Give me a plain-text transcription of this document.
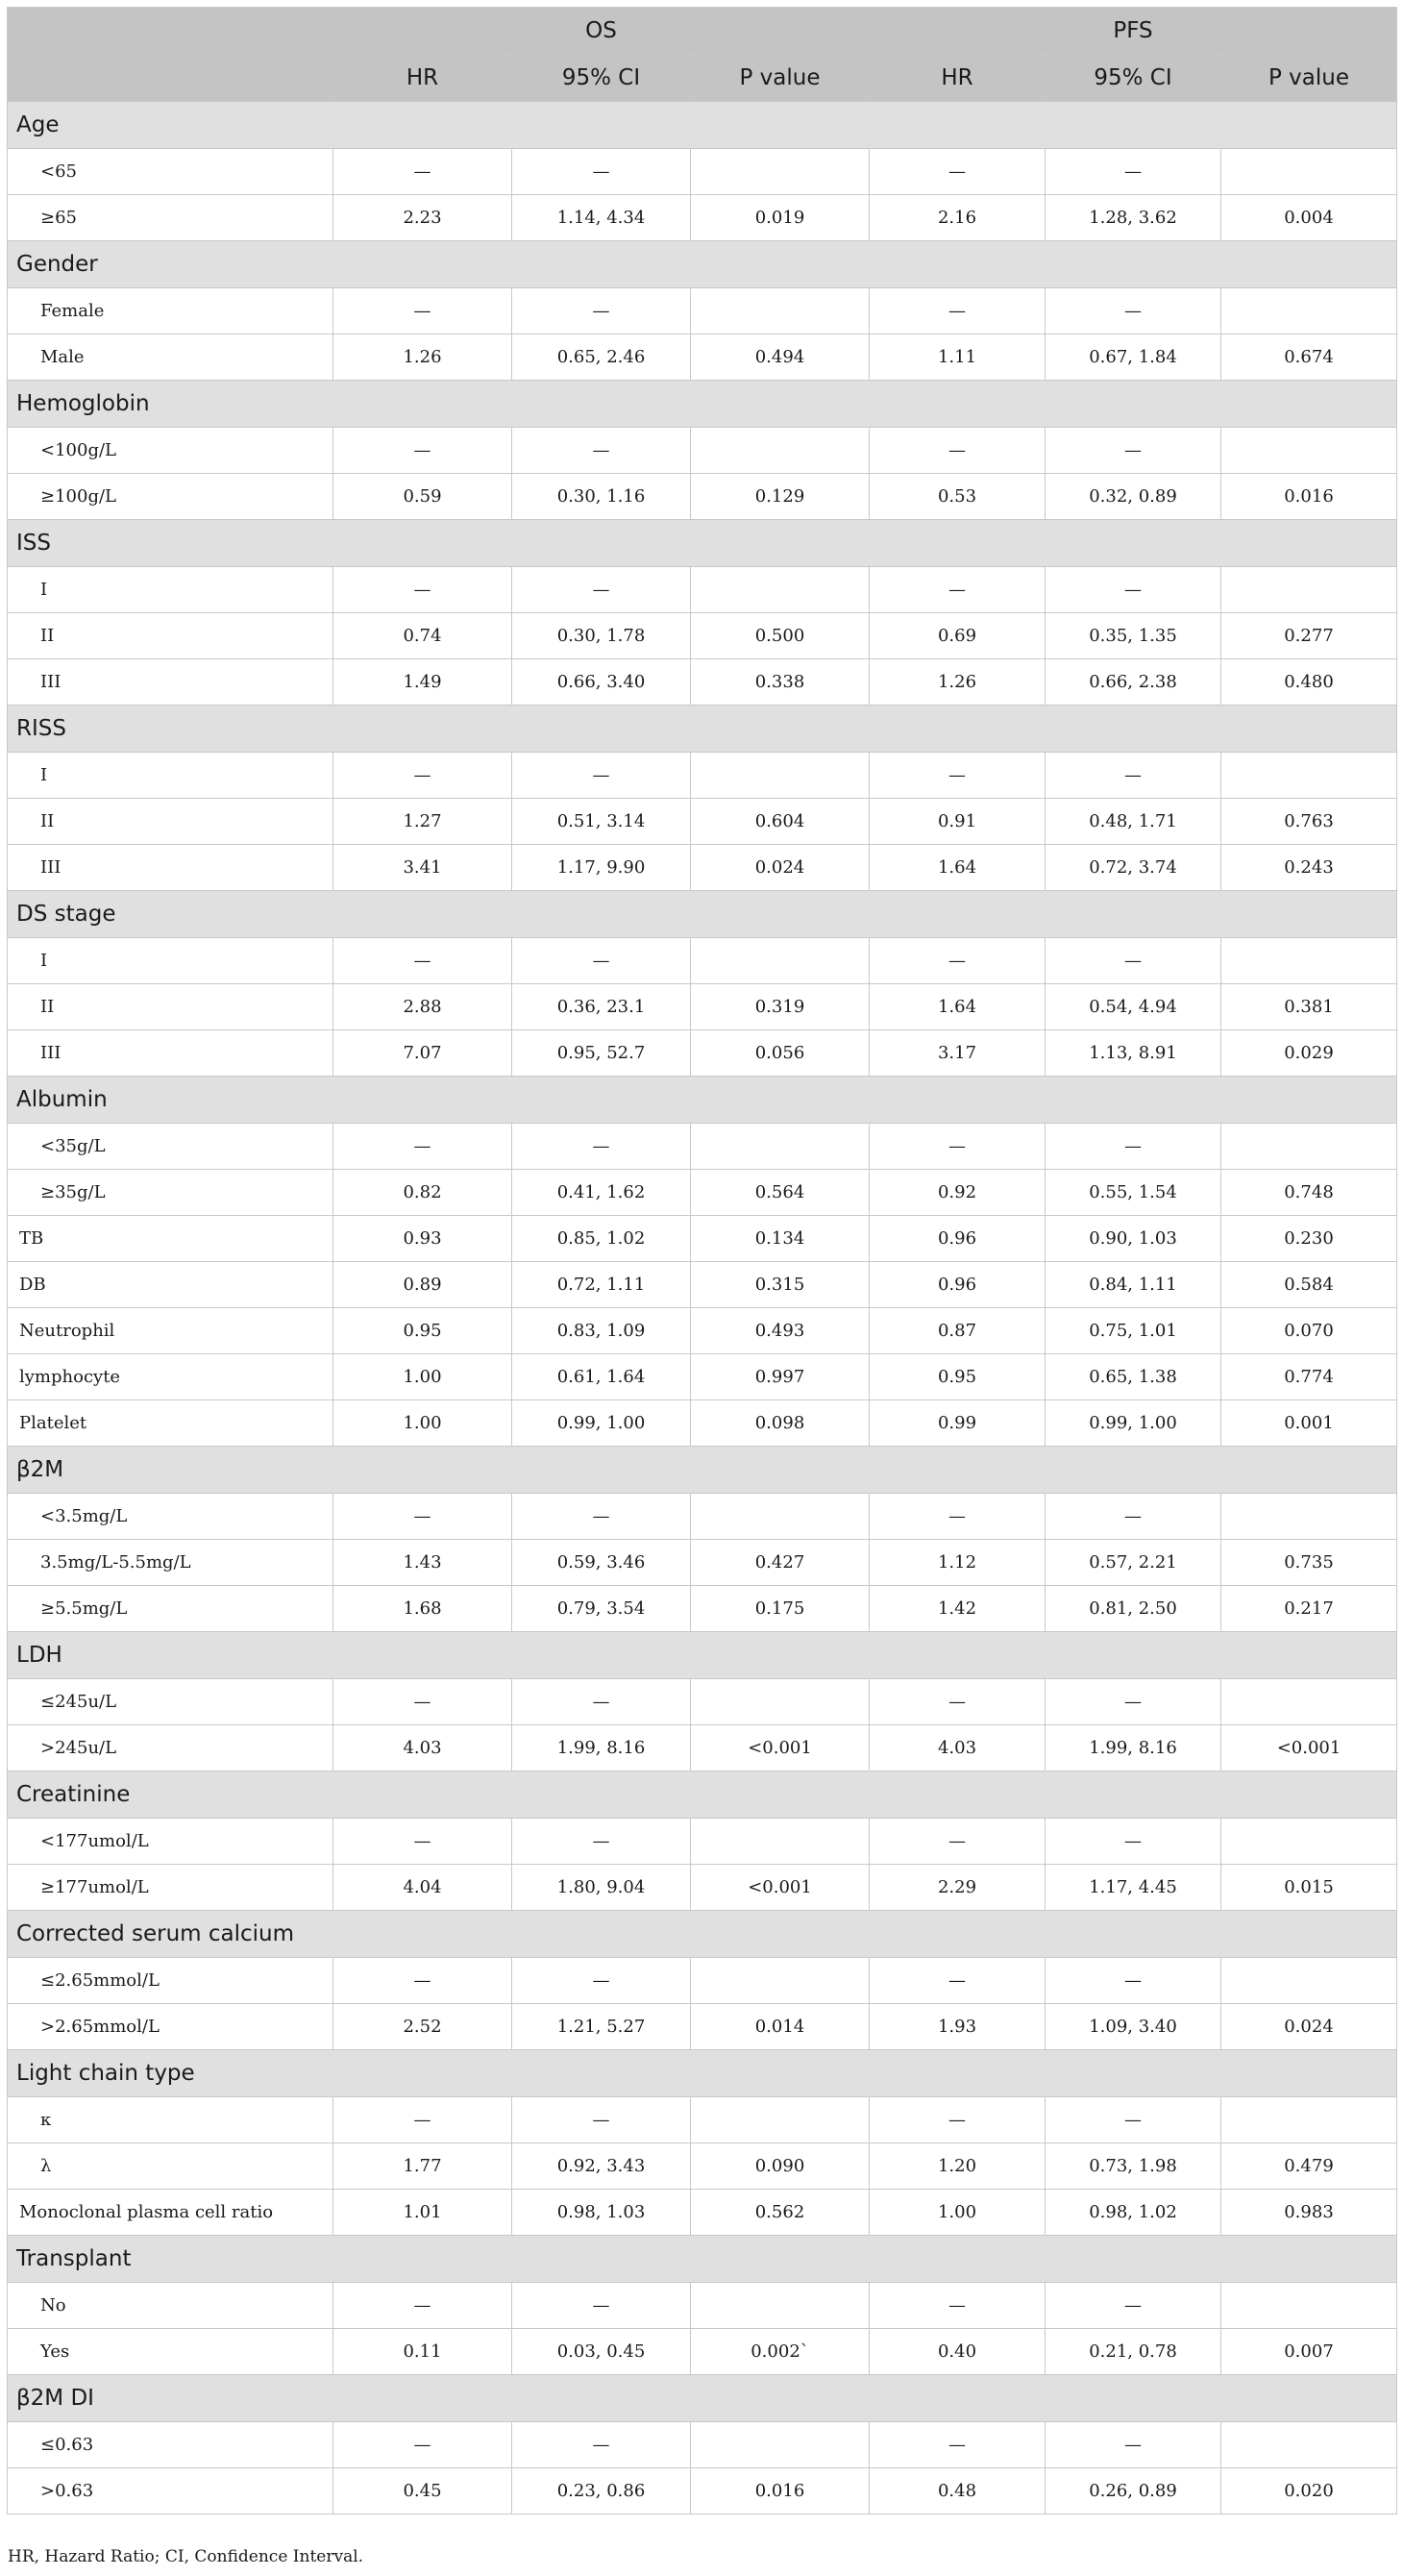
	OS			PFS		
	HR	95% CI	P value	HR	95% CI	P value
Age						
<65	—	—		—	—	
≥65	2.23	1.14, 4.34	0.019	2.16	1.28, 3.62	0.004
Gender						
Female	—	—		—	—	
Male	1.26	0.65, 2.46	0.494	1.11	0.67, 1.84	0.674
Hemoglobin						
<100g/L	—	—		—	—	
≥100g/L	0.59	0.30, 1.16	0.129	0.53	0.32, 0.89	0.016
ISS						
I	—	—		—	—	
II	0.74	0.30, 1.78	0.500	0.69	0.35, 1.35	0.277
III	1.49	0.66, 3.40	0.338	1.26	0.66, 2.38	0.480
RISS						
I	—	—		—	—	
II	1.27	0.51, 3.14	0.604	0.91	0.48, 1.71	0.763
III	3.41	1.17, 9.90	0.024	1.64	0.72, 3.74	0.243
DS stage						
I	—	—		—	—	
II	2.88	0.36, 23.1	0.319	1.64	0.54, 4.94	0.381
III	7.07	0.95, 52.7	0.056	3.17	1.13, 8.91	0.029
Albumin						
<35g/L	—	—		—	—	
≥35g/L	0.82	0.41, 1.62	0.564	0.92	0.55, 1.54	0.748
TB	0.93	0.85, 1.02	0.134	0.96	0.90, 1.03	0.230
DB	0.89	0.72, 1.11	0.315	0.96	0.84, 1.11	0.584
Neutrophil	0.95	0.83, 1.09	0.493	0.87	0.75, 1.01	0.070
lymphocyte	1.00	0.61, 1.64	0.997	0.95	0.65, 1.38	0.774
Platelet	1.00	0.99, 1.00	0.098	0.99	0.99, 1.00	0.001
β2M						
<3.5mg/L	—	—		—	—	
3.5mg/L-5.5mg/L	1.43	0.59, 3.46	0.427	1.12	0.57, 2.21	0.735
≥5.5mg/L	1.68	0.79, 3.54	0.175	1.42	0.81, 2.50	0.217
LDH						
≤245u/L	—	—		—	—	
>245u/L	4.03	1.99, 8.16	<0.001	4.03	1.99, 8.16	<0.001
Creatinine						
<177umol/L	—	—		—	—	
≥177umol/L	4.04	1.80, 9.04	<0.001	2.29	1.17, 4.45	0.015
Corrected serum calcium						
≤2.65mmol/L	—	—		—	—	
>2.65mmol/L	2.52	1.21, 5.27	0.014	1.93	1.09, 3.40	0.024
Light chain type						
κ	—	—		—	—	
λ	1.77	0.92, 3.43	0.090	1.20	0.73, 1.98	0.479
Monoclonal plasma cell ratio	1.01	0.98, 1.03	0.562	1.00	0.98, 1.02	0.983
Transplant						
No	—	—		—	—	
Yes	0.11	0.03, 0.45	0.002`	0.40	0.21, 0.78	0.007
β2M DI						
≤0.63	—	—		—	—	
>0.63	0.45	0.23, 0.86	0.016	0.48	0.26, 0.89	0.020
HR, Hazard Ratio; CI, Confidence Interval.
